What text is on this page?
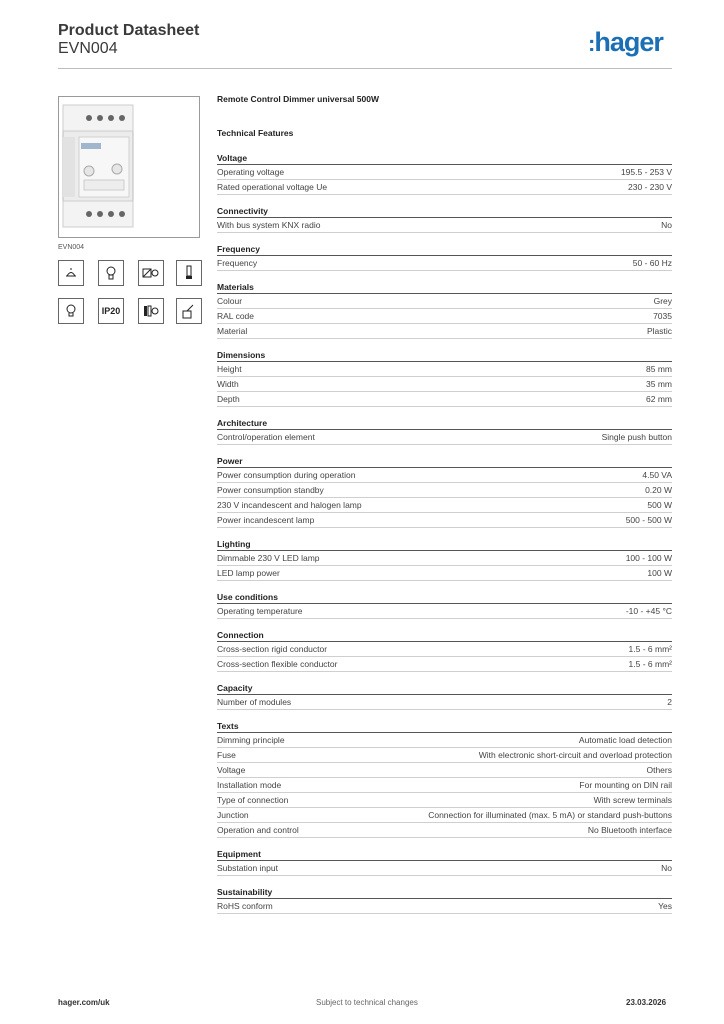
Product Datasheet
EVN004	:hager
EVN004
IP20
Remote Control Dimmer universal 500W
Technical Features
Voltage
Operating voltage	195.5 - 253 V
Rated operational voltage Ue	230 - 230 V
Connectivity
With bus system KNX radio	No
Frequency
Frequency	50 - 60 Hz
Materials
Colour	Grey
RAL code	7035
Material	Plastic
Dimensions
Height	85 mm
Width	35 mm
Depth	62 mm
Architecture
Control/operation element	Single push button
Power
Power consumption during operation	4.50 VA
Power consumption standby	0.20 W
230 V incandescent and halogen lamp	500 W
Power incandescent lamp	500 - 500 W
Lighting
Dimmable 230 V LED lamp	100 - 100 W
LED lamp power	100 W
Use conditions
Operating temperature	-10 - +45 °C
Connection
Cross-section rigid conductor	1.5 - 6 mm²
Cross-section flexible conductor	1.5 - 6 mm²
Capacity
Number of modules	2
Texts
Dimming principle	Automatic load detection
Fuse	With electronic short-circuit and overload protection
Voltage	Others
Installation mode	For mounting on DIN rail
Type of connection	With screw terminals
Junction	Connection for illuminated (max. 5 mA) or standard push-buttons
Operation and control	No Bluetooth interface
Equipment
Substation input	No
Sustainability
RoHS conform	Yes
hager.com/uk	Subject to technical changes	23.03.2026
